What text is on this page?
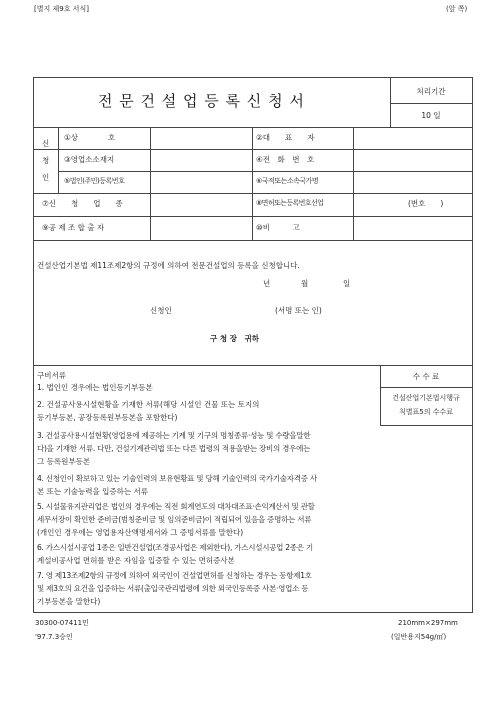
[별지 제9호 서식]	(앞 쪽)
전 문 건 설 업 등 록 신 청 서
처리기간
10 일
신
청
인
①상　　　　호	②대　　표　　자
③영업소소재지	④전　화　번　호
⑤법인(주민)등록번호	⑥국적또는소속국가명
⑦신　　청　　업　　종	⑧면허또는등록번호선업	(번호　　)
⑨공 제 조 합 출 자	⑩비　　　고
건설산업기본법 제11조제2항의 규정에 의하여 전문건설업의 등록을 신청합니다.
년	월	일
신청인	(서명 또는 인)
구 청 장　귀하
구비서류	수 수 료
건설산업기본법시행규
칙별표5의 수수료
1. 법인인 경우에는 법인등기부등본
2. 건설공사용시설현황을 기재한 서류(해당 시설인 건물 또는 토지의
등기부등본, 공장등록원부등본을 포함한다)
3. 건설공사용시설현황(영업용에 제공하는 기계 및 기구의 명칭종류·성능 및 수량을말한
다)을 기재한 서류. 다만, 건설기계관리법 또는 다른 법령의 적용을받는 장비의 경우에는
그 등록원부등본
4. 신청인이 확보하고 있는 기술인력의 보유현황표 및 당해 기술인력의 국가기술자격증 사
본 또는 기술능력을 입증하는 서류
5. 시설물유지관리업은 법인의 경우에는 직전 회계연도의 대차대조표·손익계산서 및 관할
세무서장이 확인한 준비금(범칭준비금 및 임의준비금)이 적립되어 있음을 증명하는 서류
(개인인 경우에는 영업용자산액명세서와 그 증빙서류를 말한다)
6. 가스시설시공업 1종은 일반건설업(조경공사업은 제외한다), 가스시설시공업 2종은 기
계설비공사업 면허를 받은 자임을 입증할 수 있는 면허증사본
7. 영 제13조제2항의 규정에 의하여 외국인이 건설업면허를 신청하는 경우는 동항제1호
및 제3호의 요건을 입증하는 서류(출입국관리법령에 의한 외국인등록증 사본·영업소 등
기부등본을 말한다)
30300-07411민
'97.7.3승인
210mm×297mm
(일반용지54g/㎡)
